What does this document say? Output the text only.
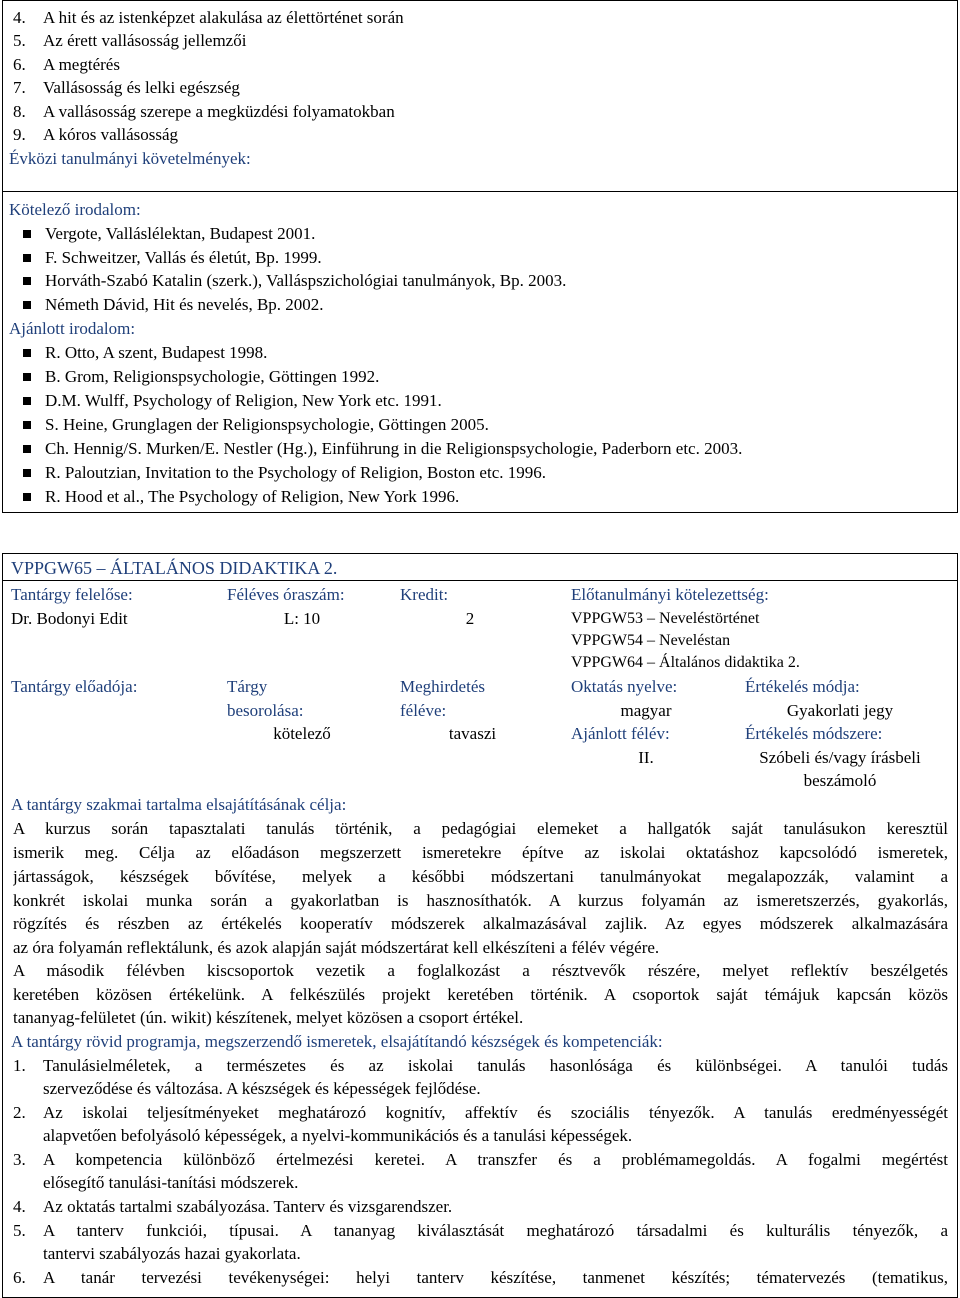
4. A hit és az istenképzet alakulása az élettörténet során
5. Az érett vallásosság jellemzői
6. A megtérés
7. Vallásosság és lelki egészség
8. A vallásosság szerepe a megküzdési folyamatokban
9. A kóros vallásosság
Évközi tanulmányi követelmények:
Kötelező irodalom:
Vergote, Valláslélektan, Budapest 2001.
F. Schweitzer, Vallás és életút, Bp. 1999.
Horváth-Szabó Katalin (szerk.), Valláspszichológiai tanulmányok, Bp. 2003.
Németh Dávid, Hit és nevelés, Bp. 2002.
Ajánlott irodalom:
R. Otto, A szent, Budapest 1998.
B. Grom, Religionspsychologie, Göttingen 1992.
D.M. Wulff, Psychology of Religion, New York etc. 1991.
S. Heine, Grunglagen der Religionspsychologie, Göttingen 2005.
Ch. Hennig/S. Murken/E. Nestler (Hg.), Einführung in die Religionspsychologie, Paderborn etc. 2003.
R. Paloutzian, Invitation to the Psychology of Religion, Boston etc. 1996.
R. Hood et al., The Psychology of Religion, New York 1996.
VPPGW65 – ÁLTALÁNOS DIDAKTIKA 2.
Tantárgy felelőse:
Dr. Bodonyi Edit
Féléves óraszám:
L: 10
Kredit:
2
Előtanulmányi kötelezettség:
VPPGW53 – Neveléstörténet
VPPGW54 – Neveléstan
VPPGW64 – Általános didaktika 2.
Tantárgy előadója:	Tárgy
besorolása:
kötelező
Meghirdetés
féléve:
tavaszi
Oktatás nyelve:
magyar
Ajánlott félév:
II.
Értékelés módja:
Gyakorlati jegy
Értékelés módszere:
Szóbeli és/vagy írásbeli
beszámoló
A tantárgy szakmai tartalma elsajátításának célja:
A kurzus során tapasztalati tanulás történik, a pedagógiai elemeket a hallgatók saját tanulásukon keresztül
ismerik meg. Célja az előadáson megszerzett ismeretekre építve az iskolai oktatáshoz kapcsolódó ismeretek,
jártasságok, készségek bővítése, melyek a későbbi módszertani tanulmányokat megalapozzák, valamint a
konkrét iskolai munka során a gyakorlatban is hasznosíthatók. A kurzus folyamán az ismeretszerzés, gyakorlás,
rögzítés és részben az értékelés kooperatív módszerek alkalmazásával zajlik. Az egyes módszerek alkalmazására
az óra folyamán reflektálunk, és azok alapján saját módszertárat kell elkészíteni a félév végére.
A második félévben kiscsoportok vezetik a foglalkozást a résztvevők részére, melyet reflektív beszélgetés
keretében közösen értékelünk. A felkészülés projekt keretében történik. A csoportok saját témájuk kapcsán közös
tananyag-felületet (ún. wikit) készítenek, melyet közösen a csoport értékel.
A tantárgy rövid programja, megszerzendő ismeretek, elsajátítandó készségek és kompetenciák:
1. Tanulásielméletek, a természetes és az iskolai tanulás hasonlósága és különbségei. A tanulói tudás
szerveződése és változása. A készségek és képességek fejlődése.
2. Az iskolai teljesítményeket meghatározó kognitív, affektív és szociális tényezők. A tanulás eredményességét
alapvetően befolyásoló képességek, a nyelvi-kommunikációs és a tanulási képességek.
3. A kompetencia különböző értelmezési keretei. A transzfer és a problémamegoldás. A fogalmi megértést
elősegítő tanulási-tanítási módszerek.
4. Az oktatás tartalmi szabályozása. Tanterv és vizsgarendszer.
5. A tanterv funkciói, típusai. A tananyag kiválasztását meghatározó társadalmi és kulturális tényezők, a
tantervi szabályozás hazai gyakorlata.
6. A tanár tervezési tevékenységei: helyi tanterv készítése, tanmenet készítés; tématervezés (tematikus,
